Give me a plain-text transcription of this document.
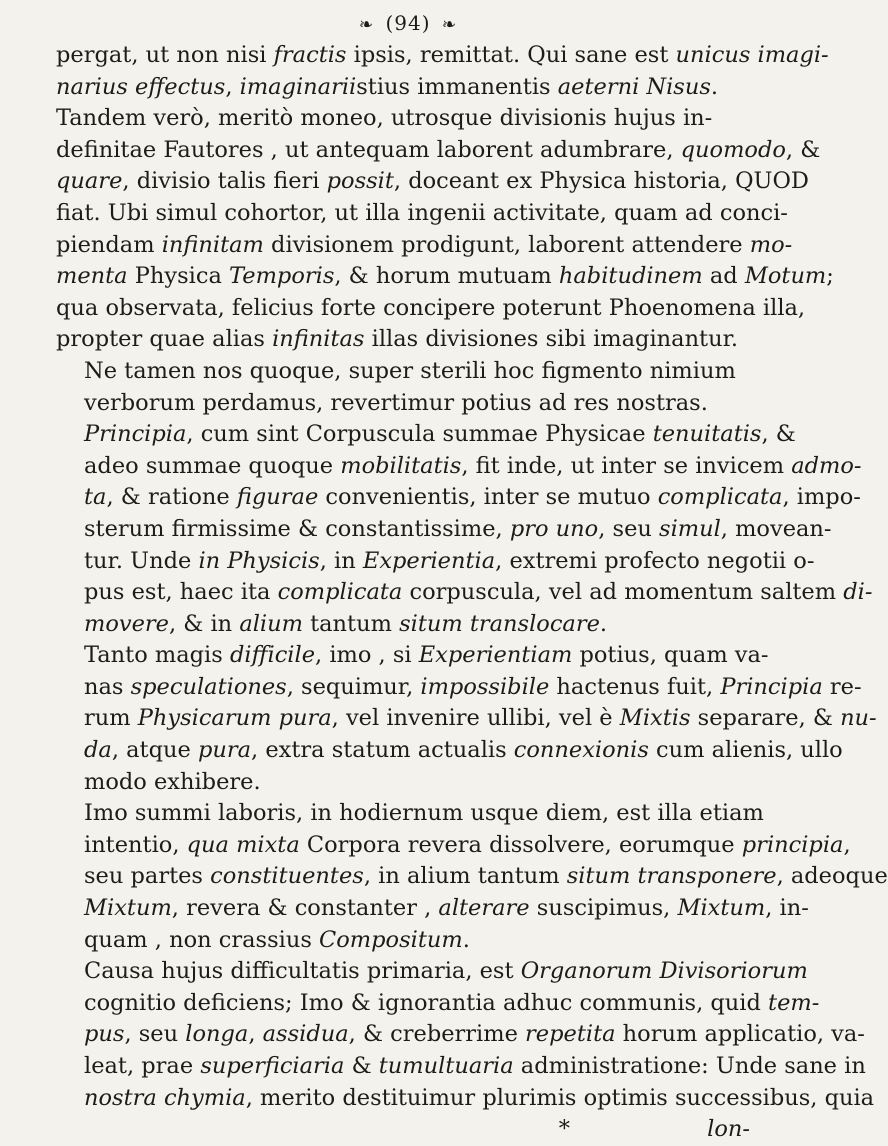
❧ (94) ❧

pergat, ut non nisi fractis ipsis, remittat. Qui sane est unicus imagi-
narius effectus, imaginariistius immanentis aeterni Nisus.
Tandem verò, meritò moneo, utrosque divisionis hujus in-
definitae Fautores , ut antequam laborent adumbrare, quomodo, &
quare, divisio talis fieri possit, doceant ex Physica historia, QUOD
fiat. Ubi simul cohortor, ut illa ingenii activitate, quam ad conci-
piendam infinitam divisionem prodigunt, laborent attendere mo-
menta Physica Temporis, & horum mutuam habitudinem ad Motum;
qua observata, felicius forte concipere poterunt Phoenomena illa,
propter quae alias infinitas illas divisiones sibi imaginantur.

Ne tamen nos quoque, super sterili hoc figmento nimium
verborum perdamus, revertimur potius ad res nostras.

Principia, cum sint Corpuscula summae Physicae tenuitatis, &
adeo summae quoque mobilitatis, fit inde, ut inter se invicem admo-
ta, & ratione figurae convenientis, inter se mutuo complicata, impo-
sterum firmissime & constantissime, pro uno, seu simul, movean-
tur. Unde in Physicis, in Experientia, extremi profecto negotii o-
pus est, haec ita complicata corpuscula, vel ad momentum saltem di-
movere, & in alium tantum situm translocare.

Tanto magis difficile, imo , si Experientiam potius, quam va-
nas speculationes, sequimur, impossibile hactenus fuit, Principia re-
rum Physicarum pura, vel invenire ullibi, vel è Mixtis separare, & nu-
da, atque pura, extra statum actualis connexionis cum alienis, ullo
modo exhibere.

Imo summi laboris, in hodiernum usque diem, est illa etiam
intentio, qua mixta Corpora revera dissolvere, eorumque principia,
seu partes constituentes, in alium tantum situm transponere, adeoque
Mixtum, revera & constanter , alterare suscipimus, Mixtum, in-
quam , non crassius Compositum.

Causa hujus difficultatis primaria, est Organorum Divisoriorum
cognitio deficiens; Imo & ignorantia adhuc communis, quid tem-
pus, seu longa, assidua, & creberrime repetita horum applicatio, va-
leat, prae superficiaria & tumultuaria administratione: Unde sane in
nostra chymia, merito destituimur plurimis optimis successibus, quia

*	lon-
